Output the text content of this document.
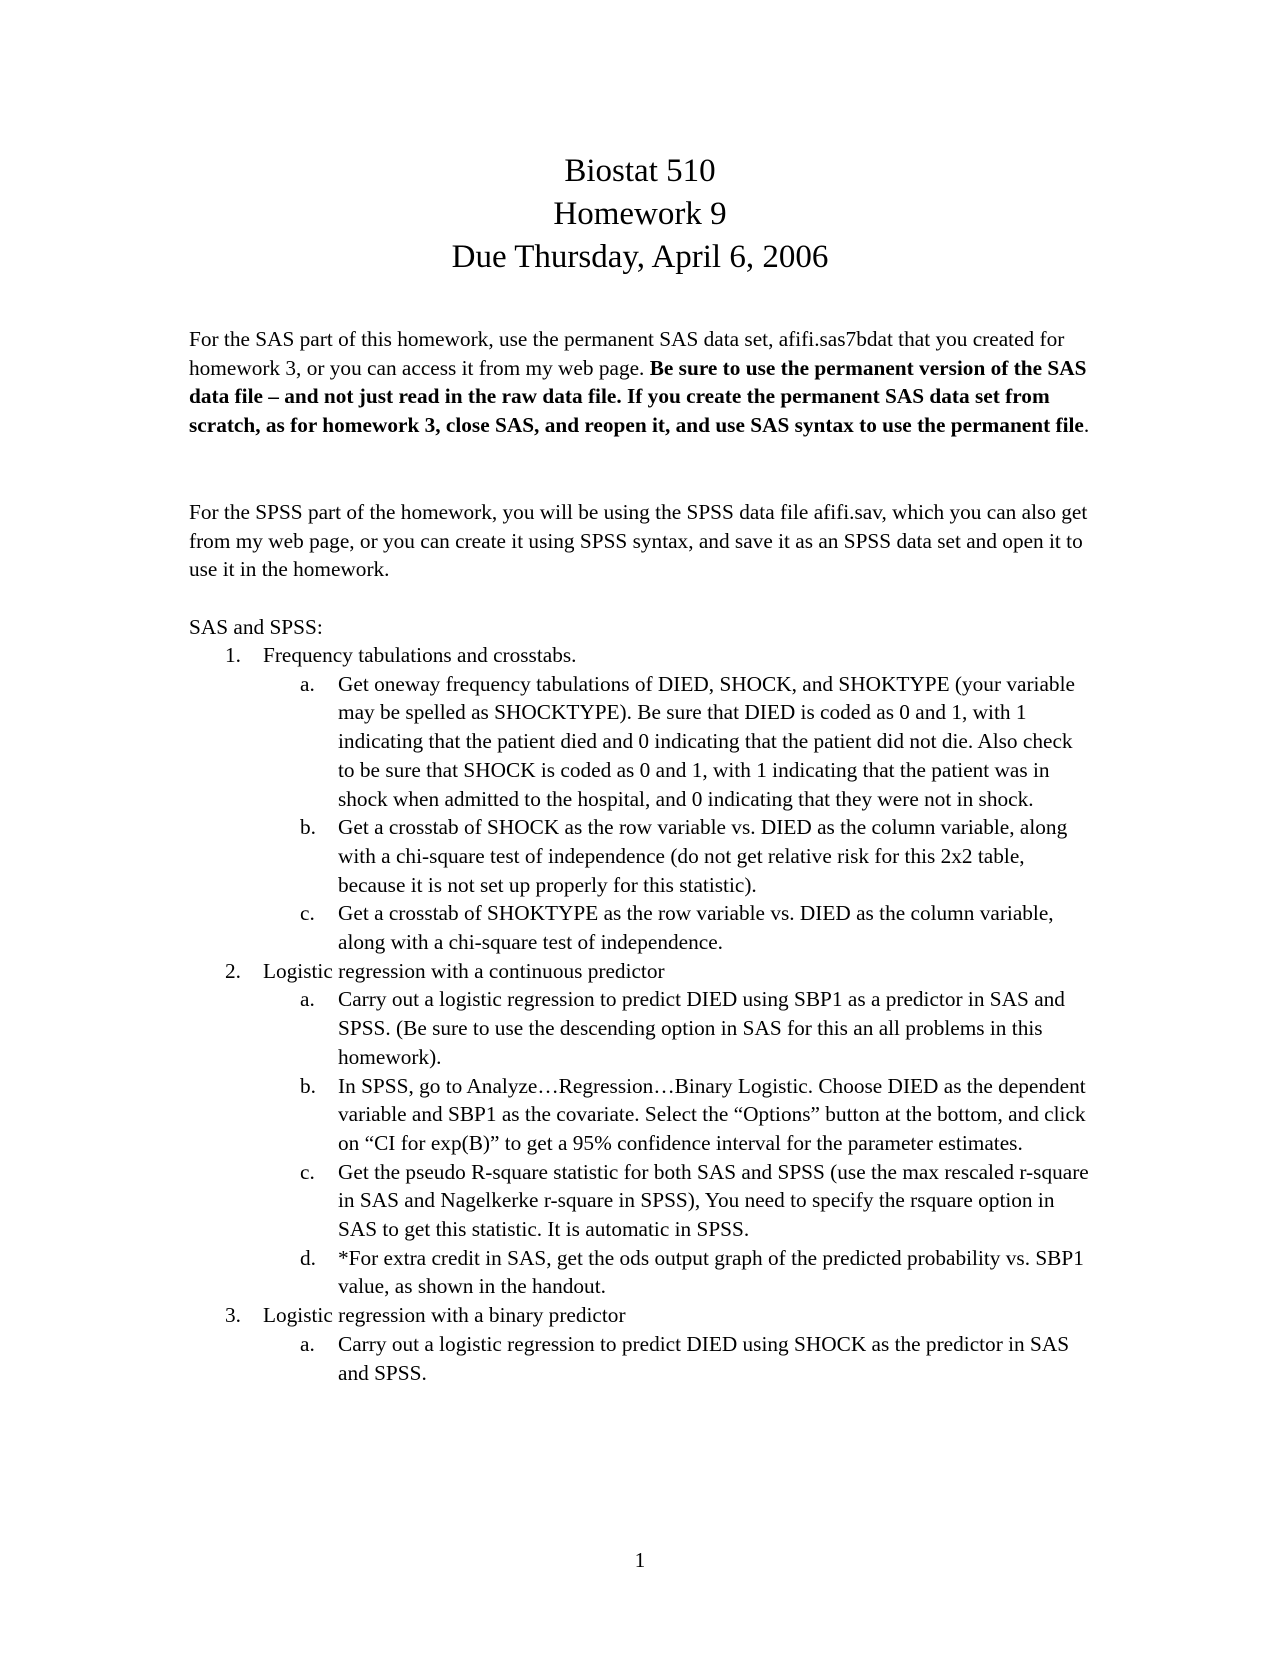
Biostat 510
Homework 9
Due Thursday, April 6, 2006
For the SAS part of this homework, use the permanent SAS data set, afifi.sas7bdat that you created for homework 3, or you can access it from my web page. Be sure to use the permanent version of the SAS data file – and not just read in the raw data file. If you create the permanent SAS data set from scratch, as for homework 3, close SAS, and reopen it, and use SAS syntax to use the permanent file.
For the SPSS part of the homework, you will be using the SPSS data file afifi.sav, which you can also get from my web page, or you can create it using SPSS syntax, and save it as an SPSS data set and open it to use it in the homework.
SAS and SPSS:
1. Frequency tabulations and crosstabs.
a. Get oneway frequency tabulations of DIED, SHOCK, and SHOKTYPE (your variable may be spelled as SHOCKTYPE). Be sure that DIED is coded as 0 and 1, with 1 indicating that the patient died and 0 indicating that the patient did not die. Also check to be sure that SHOCK is coded as 0 and 1, with 1 indicating that the patient was in shock when admitted to the hospital, and 0 indicating that they were not in shock.
b. Get a crosstab of SHOCK as the row variable vs. DIED as the column variable, along with a chi-square test of independence (do not get relative risk for this 2x2 table, because it is not set up properly for this statistic).
c. Get a crosstab of SHOKTYPE as the row variable vs. DIED as the column variable, along with a chi-square test of independence.
2. Logistic regression with a continuous predictor
a. Carry out a logistic regression to predict DIED using SBP1 as a predictor in SAS and SPSS. (Be sure to use the descending option in SAS for this an all problems in this homework).
b. In SPSS, go to Analyze…Regression…Binary Logistic. Choose DIED as the dependent variable and SBP1 as the covariate. Select the “Options” button at the bottom, and click on “CI for exp(B)” to get a 95% confidence interval for the parameter estimates.
c. Get the pseudo R-square statistic for both SAS and SPSS (use the max rescaled r-square in SAS and Nagelkerke r-square in SPSS), You need to specify the rsquare option in SAS to get this statistic. It is automatic in SPSS.
d. *For extra credit in SAS, get the ods output graph of the predicted probability vs. SBP1 value, as shown in the handout.
3. Logistic regression with a binary predictor
a. Carry out a logistic regression to predict DIED using SHOCK as the predictor in SAS and SPSS.
1
